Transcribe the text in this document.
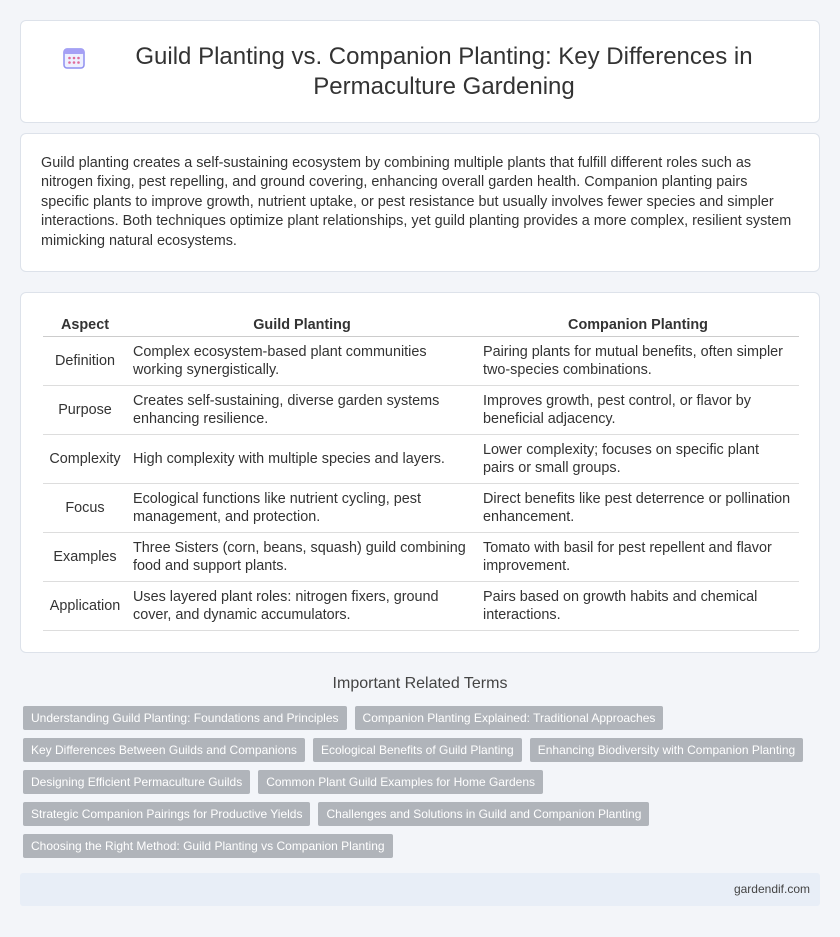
Guild Planting vs. Companion Planting: Key Differences in Permaculture Gardening

Guild planting creates a self-sustaining ecosystem by combining multiple plants that fulfill different roles such as nitrogen fixing, pest repelling, and ground covering, enhancing overall garden health. Companion planting pairs specific plants to improve growth, nutrient uptake, or pest resistance but usually involves fewer species and simpler interactions. Both techniques optimize plant relationships, yet guild planting provides a more complex, resilient system mimicking natural ecosystems.

Aspect	Guild Planting	Companion Planting
Definition	Complex ecosystem-based plant communities working synergistically.	Pairing plants for mutual benefits, often simpler two-species combinations.
Purpose	Creates self-sustaining, diverse garden systems enhancing resilience.	Improves growth, pest control, or flavor by beneficial adjacency.
Complexity	High complexity with multiple species and layers.	Lower complexity; focuses on specific plant pairs or small groups.
Focus	Ecological functions like nutrient cycling, pest management, and protection.	Direct benefits like pest deterrence or pollination enhancement.
Examples	Three Sisters (corn, beans, squash) guild combining food and support plants.	Tomato with basil for pest repellent and flavor improvement.
Application	Uses layered plant roles: nitrogen fixers, ground cover, and dynamic accumulators.	Pairs based on growth habits and chemical interactions.
Important Related Terms
Understanding Guild Planting: Foundations and Principles	Companion Planting Explained: Traditional Approaches
Key Differences Between Guilds and Companions	Ecological Benefits of Guild Planting	Enhancing Biodiversity with Companion Planting
Designing Efficient Permaculture Guilds	Common Plant Guild Examples for Home Gardens
Strategic Companion Pairings for Productive Yields	Challenges and Solutions in Guild and Companion Planting
Choosing the Right Method: Guild Planting vs Companion Planting
gardendif.com
